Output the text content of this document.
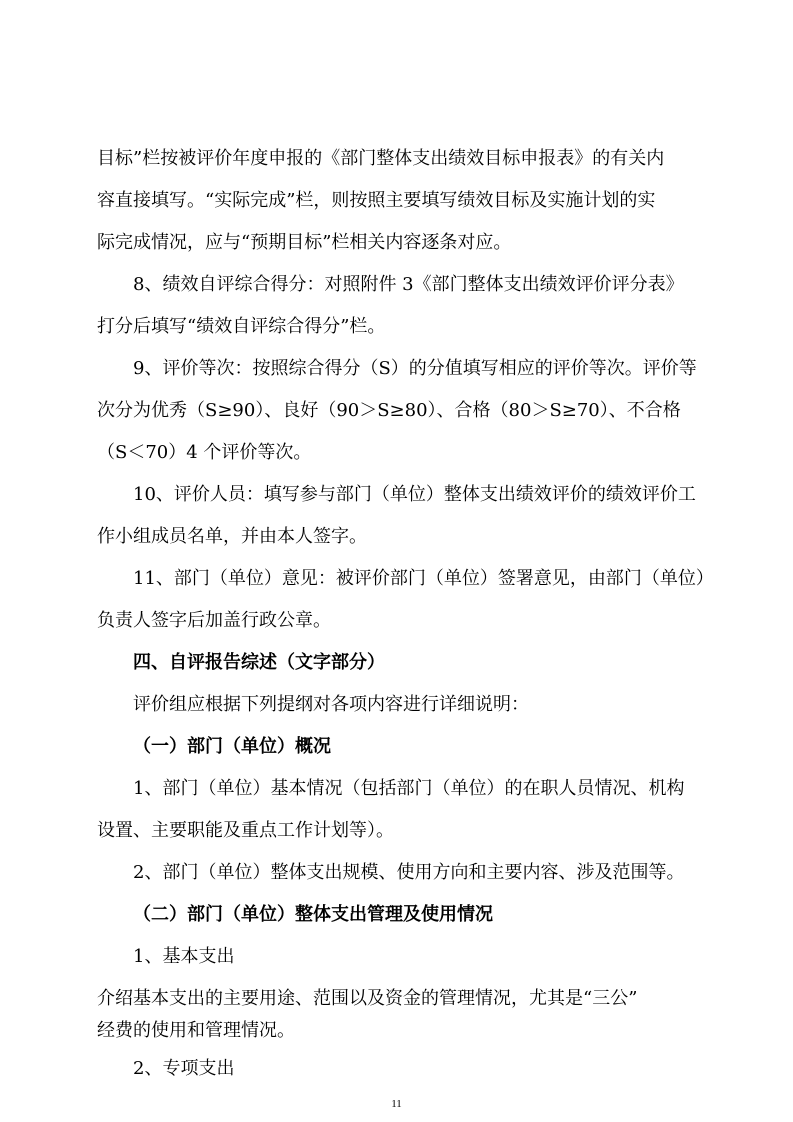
目标”栏按被评价年度申报的《部门整体支出绩效目标申报表》的有关内
容直接填写。“实际完成”栏，则按照主要填写绩效目标及实施计划的实
际完成情况，应与“预期目标”栏相关内容逐条对应。
8、绩效自评综合得分：对照附件 3《部门整体支出绩效评价评分表》
打分后填写“绩效自评综合得分”栏。
9、评价等次：按照综合得分（S）的分值填写相应的评价等次。评价等
次分为优秀（S≥90）、良好（90＞S≥80）、合格（80＞S≥70）、不合格
（S＜70）4 个评价等次。
10、评价人员：填写参与部门（单位）整体支出绩效评价的绩效评价工
作小组成员名单，并由本人签字。
11、部门（单位）意见：被评价部门（单位）签署意见，由部门（单位）
负责人签字后加盖行政公章。
四、自评报告综述（文字部分）
评价组应根据下列提纲对各项内容进行详细说明：
（一）部门（单位）概况
1、部门（单位）基本情况（包括部门（单位）的在职人员情况、机构
设置、主要职能及重点工作计划等）。
2、部门（单位）整体支出规模、使用方向和主要内容、涉及范围等。
（二）部门（单位）整体支出管理及使用情况
1、基本支出
介绍基本支出的主要用途、范围以及资金的管理情况，尤其是“三公”
经费的使用和管理情况。
2、专项支出
11
